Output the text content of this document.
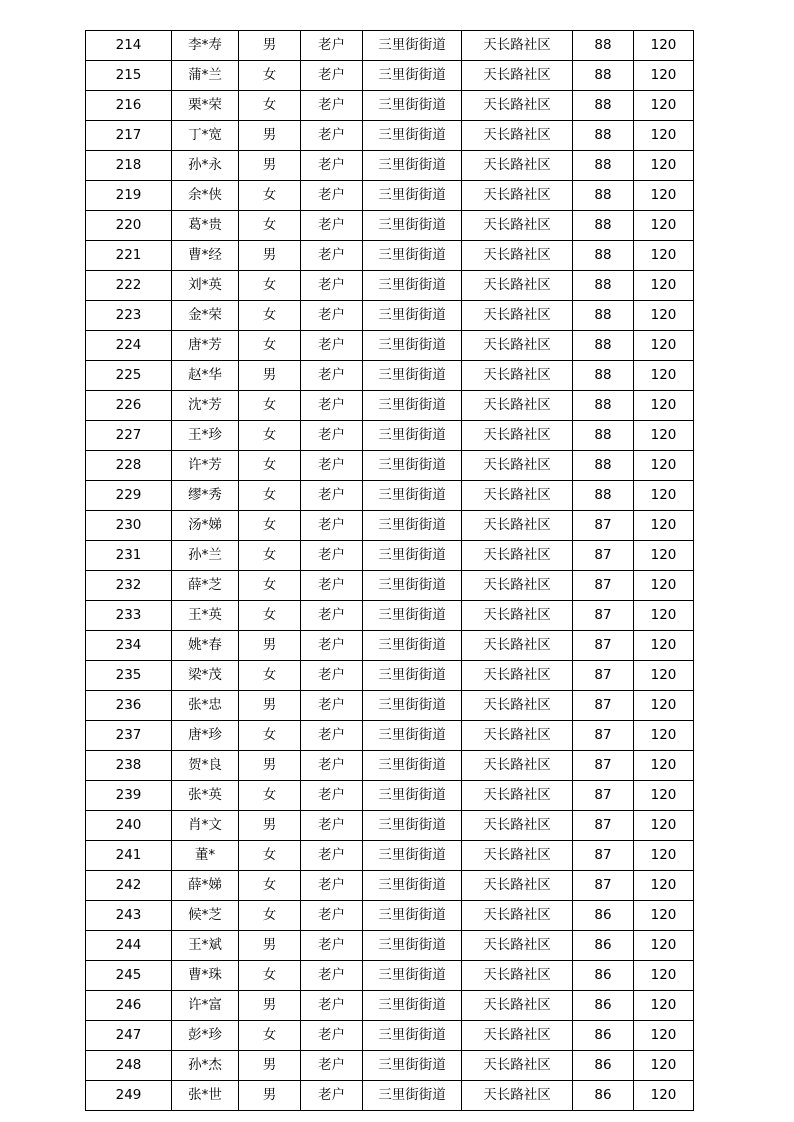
214	李*寿	男	老户	三里街街道	天长路社区	88	120
215	蒲*兰	女	老户	三里街街道	天长路社区	88	120
216	栗*荣	女	老户	三里街街道	天长路社区	88	120
217	丁*宽	男	老户	三里街街道	天长路社区	88	120
218	孙*永	男	老户	三里街街道	天长路社区	88	120
219	余*侠	女	老户	三里街街道	天长路社区	88	120
220	葛*贵	女	老户	三里街街道	天长路社区	88	120
221	曹*经	男	老户	三里街街道	天长路社区	88	120
222	刘*英	女	老户	三里街街道	天长路社区	88	120
223	金*荣	女	老户	三里街街道	天长路社区	88	120
224	唐*芳	女	老户	三里街街道	天长路社区	88	120
225	赵*华	男	老户	三里街街道	天长路社区	88	120
226	沈*芳	女	老户	三里街街道	天长路社区	88	120
227	王*珍	女	老户	三里街街道	天长路社区	88	120
228	许*芳	女	老户	三里街街道	天长路社区	88	120
229	缪*秀	女	老户	三里街街道	天长路社区	88	120
230	汤*娣	女	老户	三里街街道	天长路社区	87	120
231	孙*兰	女	老户	三里街街道	天长路社区	87	120
232	薛*芝	女	老户	三里街街道	天长路社区	87	120
233	王*英	女	老户	三里街街道	天长路社区	87	120
234	姚*春	男	老户	三里街街道	天长路社区	87	120
235	梁*茂	女	老户	三里街街道	天长路社区	87	120
236	张*忠	男	老户	三里街街道	天长路社区	87	120
237	唐*珍	女	老户	三里街街道	天长路社区	87	120
238	贺*良	男	老户	三里街街道	天长路社区	87	120
239	张*英	女	老户	三里街街道	天长路社区	87	120
240	肖*文	男	老户	三里街街道	天长路社区	87	120
241	董*	女	老户	三里街街道	天长路社区	87	120
242	薛*娣	女	老户	三里街街道	天长路社区	87	120
243	候*芝	女	老户	三里街街道	天长路社区	86	120
244	王*斌	男	老户	三里街街道	天长路社区	86	120
245	曹*珠	女	老户	三里街街道	天长路社区	86	120
246	许*富	男	老户	三里街街道	天长路社区	86	120
247	彭*珍	女	老户	三里街街道	天长路社区	86	120
248	孙*杰	男	老户	三里街街道	天长路社区	86	120
249	张*世	男	老户	三里街街道	天长路社区	86	120
